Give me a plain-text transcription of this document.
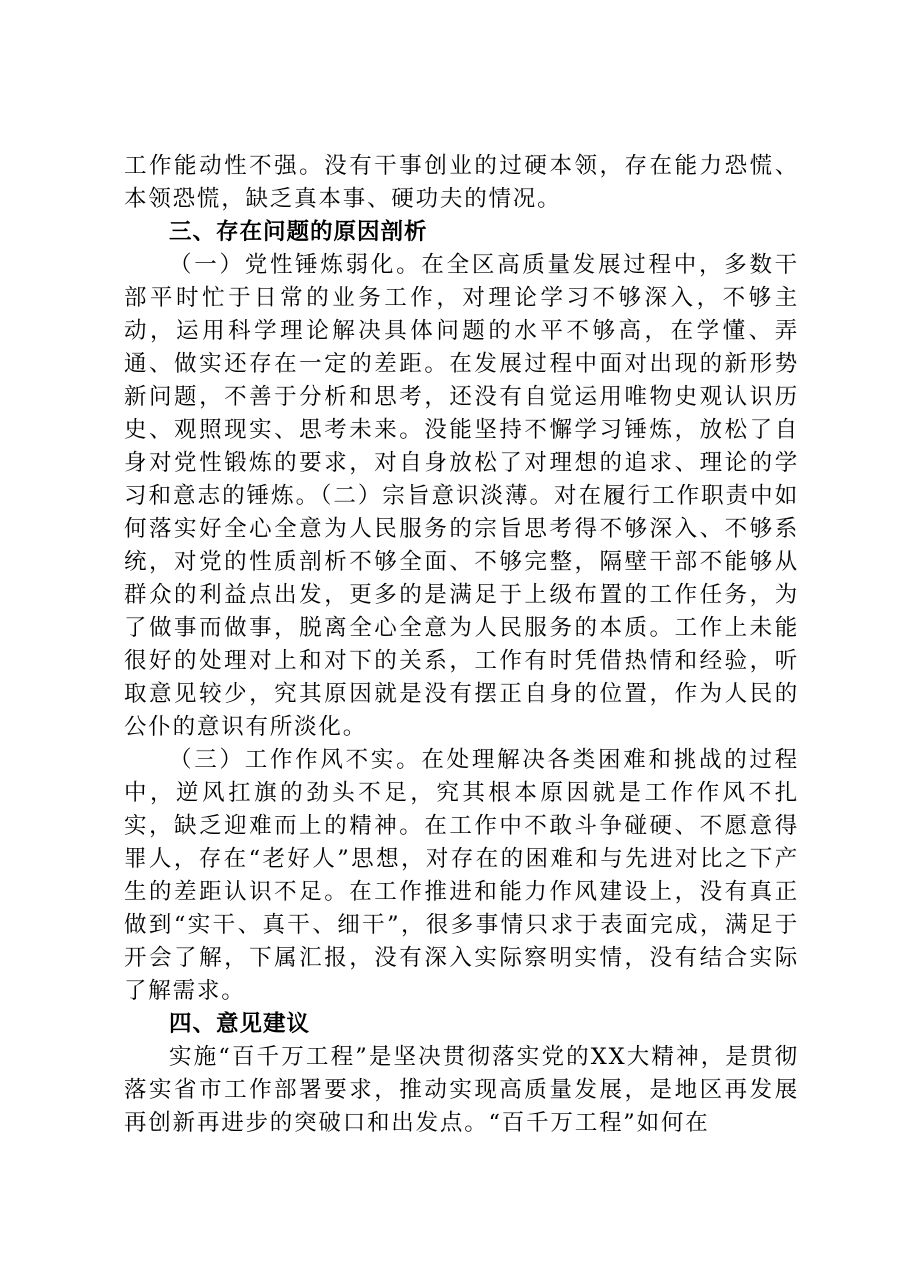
工作能动性不强。没有干事创业的过硬本领，存在能力恐慌、本领恐慌，缺乏真本事、硬功夫的情况。

三、存在问题的原因剖析

（一）党性锤炼弱化。在全区高质量发展过程中，多数干部平时忙于日常的业务工作，对理论学习不够深入，不够主动，运用科学理论解决具体问题的水平不够高，在学懂、弄通、做实还存在一定的差距。在发展过程中面对出现的新形势新问题，不善于分析和思考，还没有自觉运用唯物史观认识历史、观照现实、思考未来。没能坚持不懈学习锤炼，放松了自身对党性锻炼的要求，对自身放松了对理想的追求、理论的学习和意志的锤炼。（二）宗旨意识淡薄。对在履行工作职责中如何落实好全心全意为人民服务的宗旨思考得不够深入、不够系统，对党的性质剖析不够全面、不够完整，隔壁干部不能够从群众的利益点出发，更多的是满足于上级布置的工作任务，为了做事而做事，脱离全心全意为人民服务的本质。工作上未能很好的处理对上和对下的关系，工作有时凭借热情和经验，听取意见较少，究其原因就是没有摆正自身的位置，作为人民的公仆的意识有所淡化。

（三）工作作风不实。在处理解决各类困难和挑战的过程中，逆风扛旗的劲头不足，究其根本原因就是工作作风不扎实，缺乏迎难而上的精神。在工作中不敢斗争碰硬、不愿意得罪人，存在“老好人”思想，对存在的困难和与先进对比之下产生的差距认识不足。在工作推进和能力作风建设上，没有真正做到“实干、真干、细干”，很多事情只求于表面完成，满足于开会了解，下属汇报，没有深入实际察明实情，没有结合实际了解需求。

四、意见建议

实施“百千万工程”是坚决贯彻落实党的XX大精神，是贯彻落实省市工作部署要求，推动实现高质量发展，是地区再发展再创新再进步的突破口和出发点。“百千万工程”如何在
